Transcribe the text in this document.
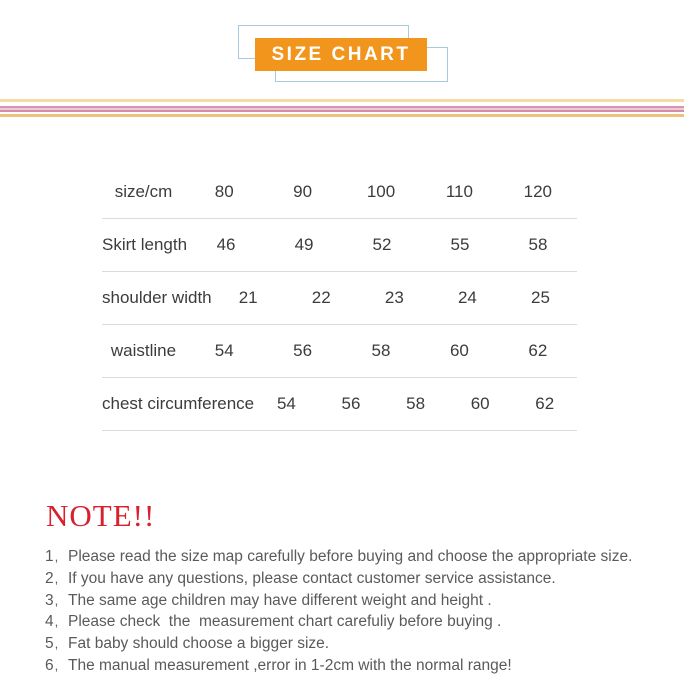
SIZE CHART
size/cm	80	90	100	110	120
Skirt length	46	49	52	55	58
shoulder width	21	22	23	24	25
waistline	54	56	58	60	62
chest circumference	54	56	58	60	62
NOTE!!
1 , Please read the size map carefully before buying and choose the appropriate size.
2 , If you have any questions, please contact customer service assistance.
3 , The same age children may have different weight and height .
4 , Please check  the  measurement chart carefuliy before buying .
5 , Fat baby should choose a bigger size.
6 , The manual measurement ,error in 1-2cm with the normal range!
